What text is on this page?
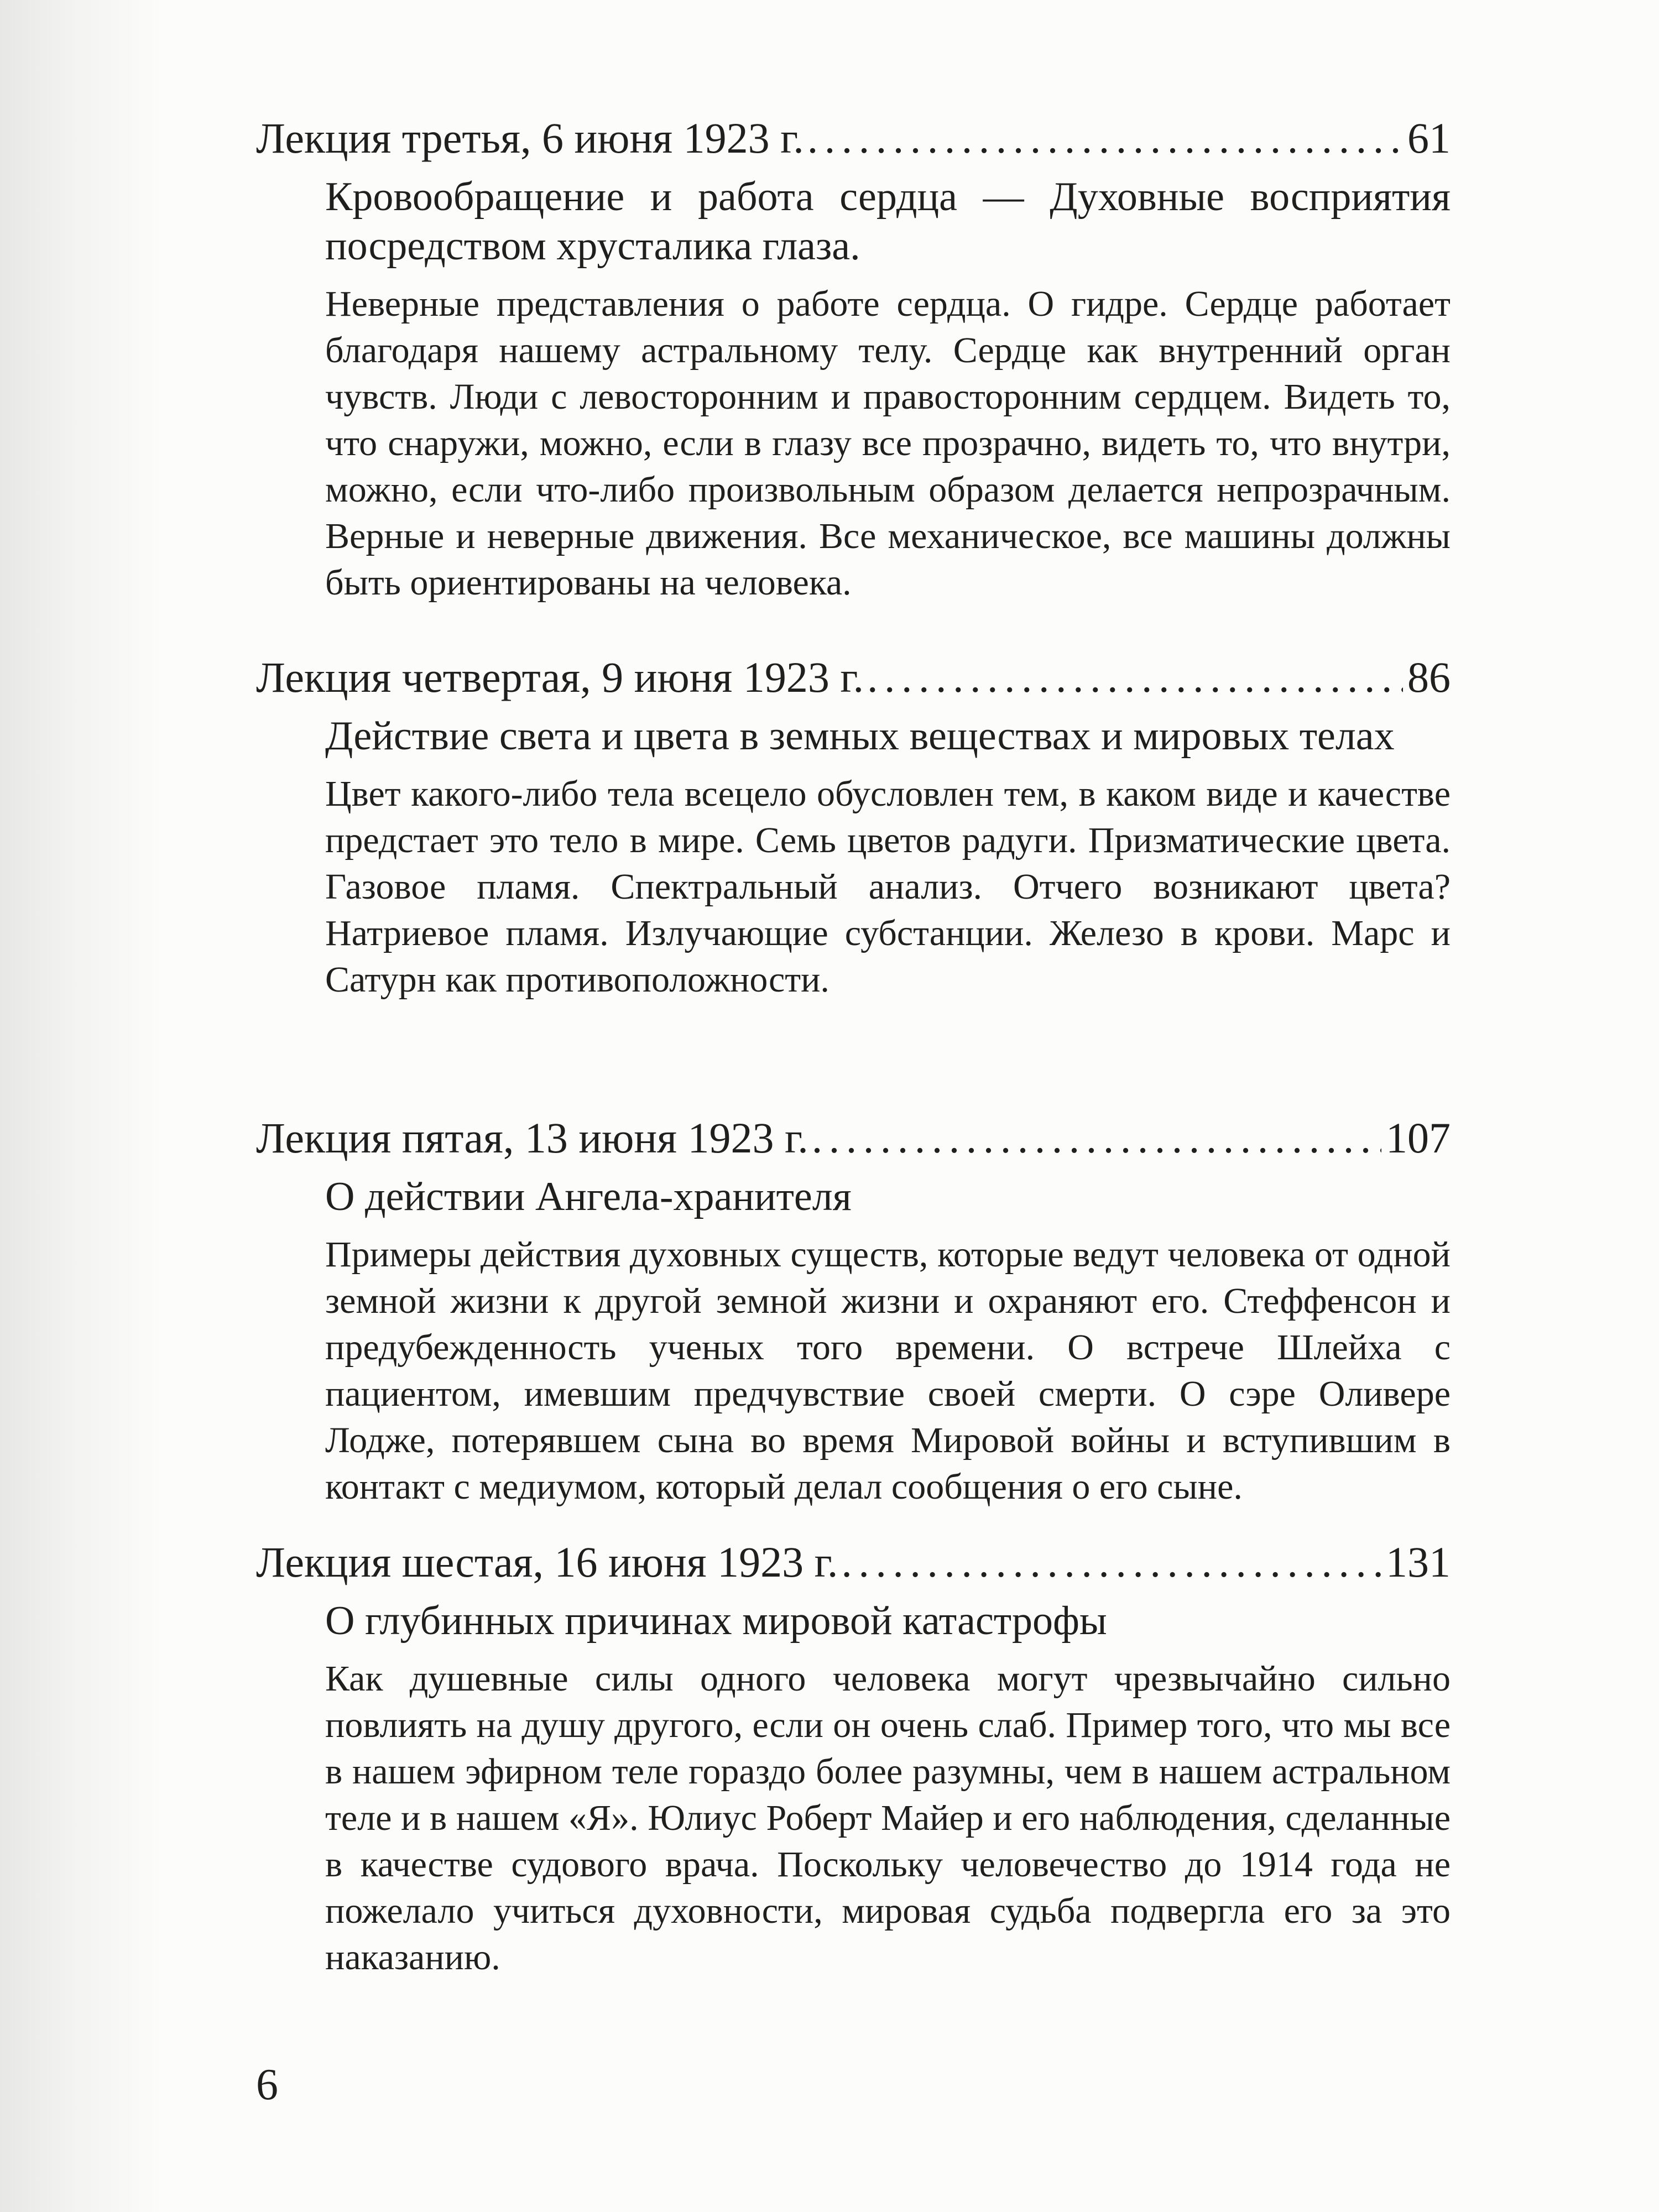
Лекция третья, 6 июня 1923 г. . . .	61
Кровообращение и работа сердца — Духовные восприятия посредством хрусталика глаза.
Неверные представления о работе сердца. О гидре. Сердце работает благодаря нашему астральному телу. Сердце как внутренний орган чувств. Люди с левосторонним и правосторонним сердцем. Видеть то, что снаружи, можно, если в глазу все прозрачно, видеть то, что внутри, можно, если что-либо произвольным образом делается непрозрачным. Верные и неверные движения. Все механическое, все машины должны быть ориентированы на человека.
Лекция четвертая, 9 июня 1923 г. . . .	86
Действие света и цвета в земных веществах и мировых телах
Цвет какого-либо тела всецело обусловлен тем, в каком виде и качестве предстает это тело в мире. Семь цветов радуги. Призматические цвета. Газовое пламя. Спектральный анализ. Отчего возникают цвета? Натриевое пламя. Излучающие субстанции. Железо в крови. Марс и Сатурн как противоположности.
Лекция пятая, 13 июня 1923 г. . . .	107
О действии Ангела-хранителя
Примеры действия духовных существ, которые ведут человека от одной земной жизни к другой земной жизни и охраняют его. Стеффенсон и предубежденность ученых того времени. О встрече Шлейха с пациентом, имевшим предчувствие своей смерти. О сэре Оливере Лодже, потерявшем сына во время Мировой войны и вступившим в контакт с медиумом, который делал сообщения о его сыне.
Лекция шестая, 16 июня 1923 г. . . .	131
О глубинных причинах мировой катастрофы
Как душевные силы одного человека могут чрезвычайно сильно повлиять на душу другого, если он очень слаб. Пример того, что мы все в нашем эфирном теле гораздо более разумны, чем в нашем астральном теле и в нашем «Я». Юлиус Роберт Майер и его наблюдения, сделанные в качестве судового врача. Поскольку человечество до 1914 года не пожелало учиться духовности, мировая судьба подвергла его за это наказанию.
6
